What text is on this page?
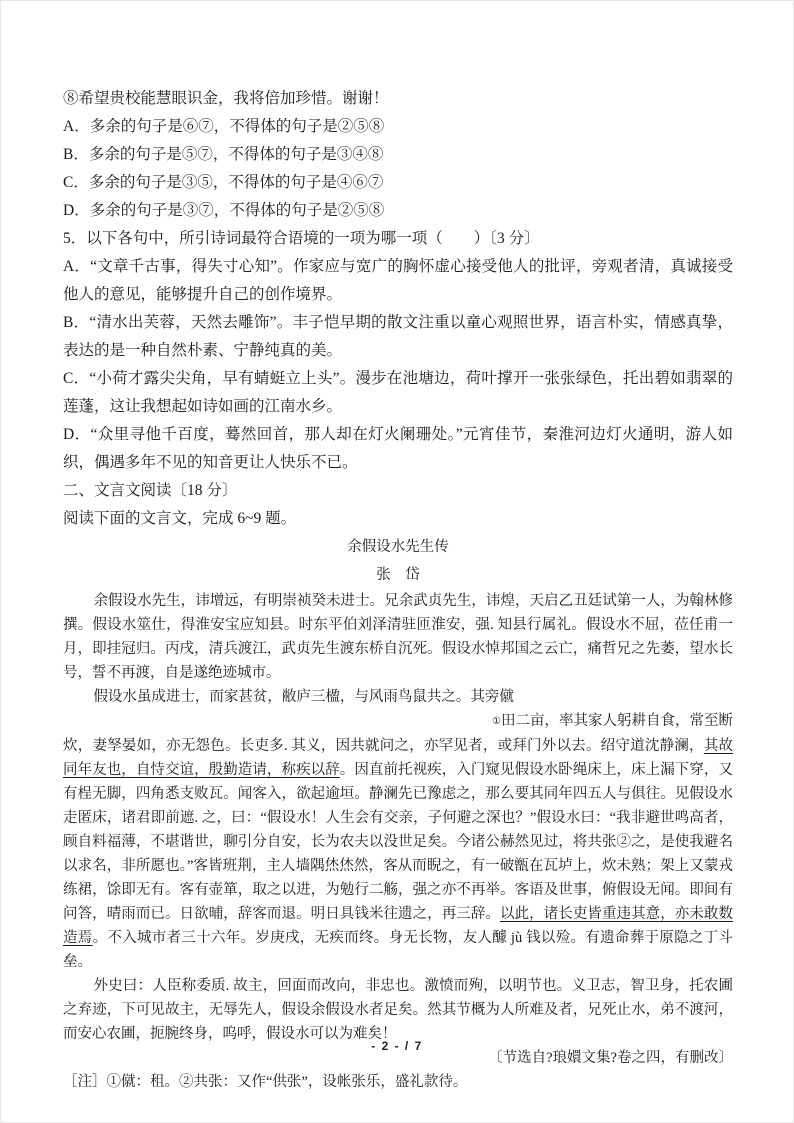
⑧希望贵校能慧眼识金，我将倍加珍惜。谢谢！
A．多余的句子是⑥⑦，不得体的句子是②⑤⑧
B．多余的句子是⑤⑦，不得体的句子是③④⑧
C．多余的句子是③⑤，不得体的句子是④⑥⑦
D．多余的句子是③⑦，不得体的句子是②⑤⑧
5．以下各句中，所引诗词最符合语境的一项为哪一项（　　）〔3 分〕
A．“文章千古事，得失寸心知”。作家应与宽广的胸怀虚心接受他人的批评，旁观者清，真诚接受他人的意见，能够提升自己的创作境界。
B．“清水出芙蓉，天然去雕饰”。丰子恺早期的散文注重以童心观照世界，语言朴实，情感真挚，表达的是一种自然朴素、宁静纯真的美。
C．“小荷才露尖尖角，早有蜻蜓立上头”。漫步在池塘边，荷叶撑开一张张绿色，托出碧如翡翠的莲蓬，这让我想起如诗如画的江南水乡。
D．“众里寻他千百度，蓦然回首，那人却在灯火阑珊处。”元宵佳节，秦淮河边灯火通明，游人如织，偶遇多年不见的知音更让人快乐不已。
二、文言文阅读〔18 分〕
阅读下面的文言文，完成 6~9 题。
余假设水先生传
张　岱
余假设水先生，讳增远，有明崇祯癸未进士。兄余武贞先生，讳煌，天启乙丑廷试第一人，为翰林修撰。假设水筮仕，得淮安宝应知县。时东平伯刘泽清驻匝淮安，强. 知县行属礼。假设水不屈，莅任甫一月，即挂冠归。丙戌，清兵渡江，武贞先生渡东桥自沉死。假设水悼邦国之云亡，痛哲兄之先萎，望水长号，誓不再渡，自是遂绝迹城市。
假设水虽成进士，而家甚贫，敝庐三楹，与风雨鸟鼠共之。其旁僦
①田二亩，率其家人躬耕自食，常至断
炊，妻孥晏如，亦无怨色。长吏多. 其义，因共就问之，亦罕见者，或拜门外以去。绍守道沈静澜，其故同年友也，自恃交谊，殷勤造请，称疾以辞。因直前托视疾，入门窥见假设水卧绳床上，床上漏下穿，又有桯无脚，四角悉支败瓦。闻客入，欲起逾垣。静澜先已豫虑之，那么要其同年四五人与俱往。见假设水走匿床，诸君即前遮. 之，曰：“假设水！人生会有交亲，子何避之深也？”假设水曰：“我非避世鸣高者，顾自料福薄，不堪谐世，聊引分自安，长为农夫以没世足矣。今诸公赫然见过，将共张②之，是使我避名以求名，非所愿也。”客皆班荆，主人墙隅烋烋然，客从而睨之，有一破甑在瓦垆上，炊未熟；架上又蒙戎练裙，馀即无有。客有壶箪，取之以进，为勉行二觞，强之亦不再举。客语及世事，俯假设无闻。即间有问答，晴雨而已。日欲晡，辞客而退。明日具钱米往遗之，再三辞。以此，诸长吏皆重违其意，亦未敢数造焉。不入城市者三十六年。岁庚戌，无疾而终。身无长物，友人醵 jù 钱以殓。有遗命葬于原隐之丁斗垒。
外史曰：人臣称委质. 故主，回面而改向，非忠也。激愤而殉，以明节也。义卫志，智卫身，托农圃之弃迹，下可见故主，无辱先人，假设余假设水者足矣。然其节概为人所难及者，兄死止水，弟不渡河，而安心农圃，扼腕终身，呜呼，假设水可以为难矣！
〔节选自?琅嬛文集?卷之四，有删改〕
［注］①僦：租。②共张：又作“供张”，设帐张乐，盛礼款待。
- 2 - / 7
